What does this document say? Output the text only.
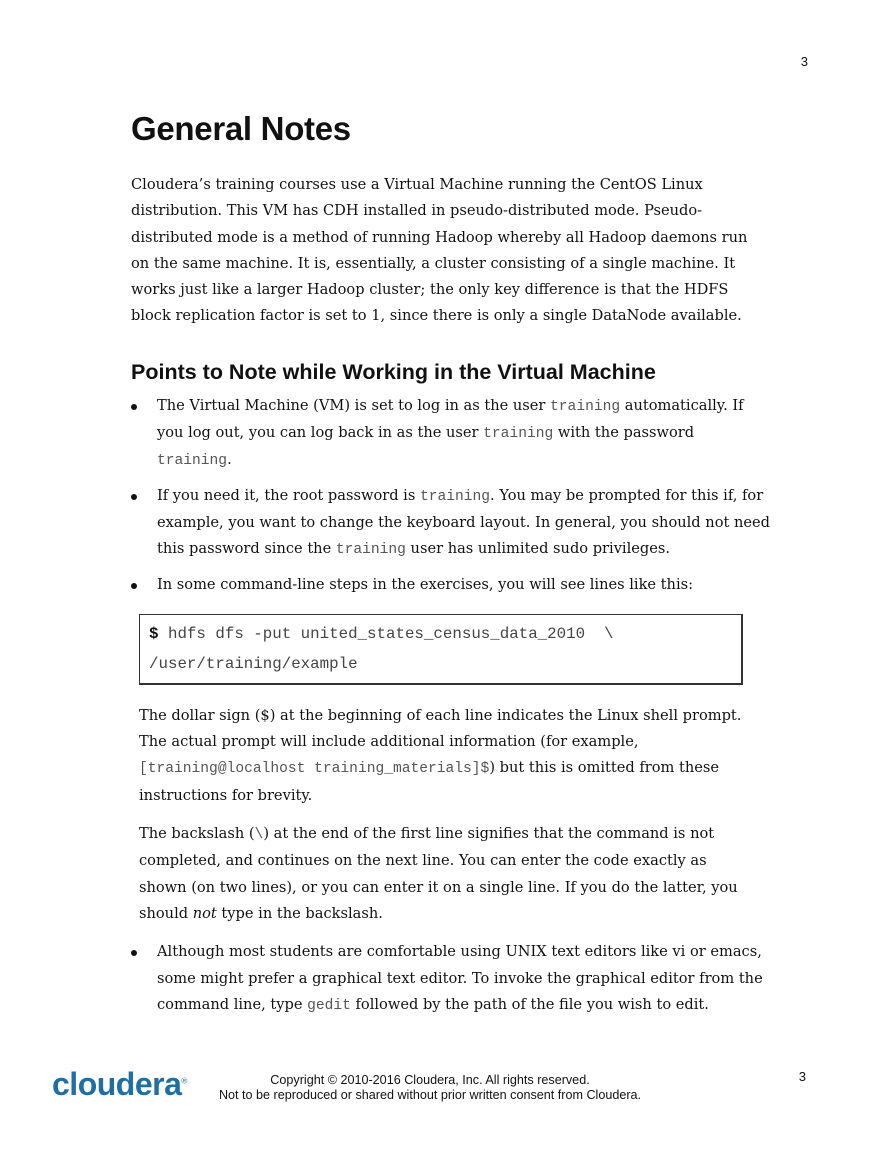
3
General Notes

Cloudera’s training courses use a Virtual Machine running the CentOS Linux distribution. This VM has CDH installed in pseudo-distributed mode. Pseudo-distributed mode is a method of running Hadoop whereby all Hadoop daemons run on the same machine. It is, essentially, a cluster consisting of a single machine. It works just like a larger Hadoop cluster; the only key difference is that the HDFS block replication factor is set to 1, since there is only a single DataNode available.

Points to Note while Working in the Virtual Machine
The Virtual Machine (VM) is set to log in as the user training automatically. If you log out, you can log back in as the user training with the password training.
If you need it, the root password is training. You may be prompted for this if, for example, you want to change the keyboard layout. In general, you should not need this password since the training user has unlimited sudo privileges.
In some command-line steps in the exercises, you will see lines like this:
$ hdfs dfs -put united_states_census_data_2010  \
/user/training/example

The dollar sign ($) at the beginning of each line indicates the Linux shell prompt. The actual prompt will include additional information (for example, [training@localhost training_materials]$) but this is omitted from these instructions for brevity.

The backslash (\) at the end of the first line signifies that the command is not completed, and continues on the next line. You can enter the code exactly as shown (on two lines), or you can enter it on a single line. If you do the latter, you should not type in the backslash.

Although most students are comfortable using UNIX text editors like vi or emacs, some might prefer a graphical text editor. To invoke the graphical editor from the command line, type gedit followed by the path of the file you wish to edit.
cloudera®	Copyright © 2010-2016 Cloudera, Inc. All rights reserved.
Not to be reproduced or shared without prior written consent from Cloudera.
3
